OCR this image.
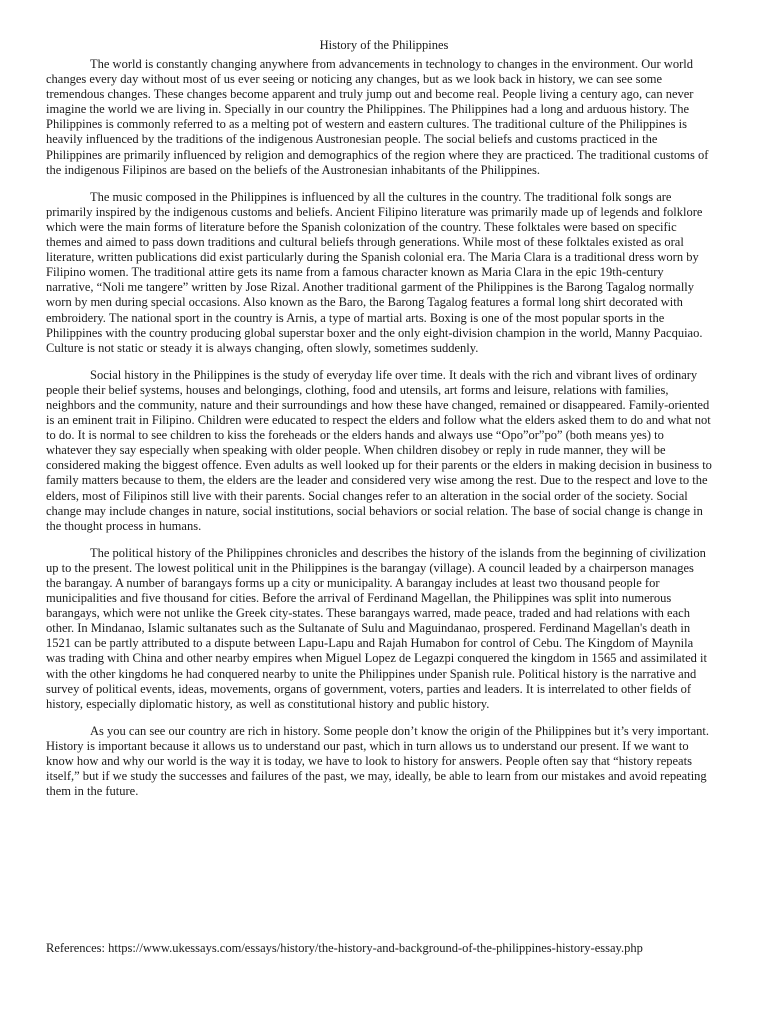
History of the Philippines

The world is constantly changing anywhere from advancements in technology to changes in the environment. Our world changes every day without most of us ever seeing or noticing any changes, but as we look back in history, we can see some tremendous changes. These changes become apparent and truly jump out and become real. People living a century ago, can never imagine the world we are living in. Specially in our country the Philippines. The Philippines had a long and arduous history. The Philippines is commonly referred to as a melting pot of western and eastern cultures. The traditional culture of the Philippines is heavily influenced by the traditions of the indigenous Austronesian people. The social beliefs and customs practiced in the Philippines are primarily influenced by religion and demographics of the region where they are practiced. The traditional customs of the indigenous Filipinos are based on the beliefs of the Austronesian inhabitants of the Philippines.

The music composed in the Philippines is influenced by all the cultures in the country. The traditional folk songs are primarily inspired by the indigenous customs and beliefs. Ancient Filipino literature was primarily made up of legends and folklore which were the main forms of literature before the Spanish colonization of the country. These folktales were based on specific themes and aimed to pass down traditions and cultural beliefs through generations. While most of these folktales existed as oral literature, written publications did exist particularly during the Spanish colonial era. The Maria Clara is a traditional dress worn by Filipino women. The traditional attire gets its name from a famous character known as Maria Clara in the epic 19th-century narrative, “Noli me tangere” written by Jose Rizal. Another traditional garment of the Philippines is the Barong Tagalog normally worn by men during special occasions. Also known as the Baro, the Barong Tagalog features a formal long shirt decorated with embroidery. The national sport in the country is Arnis, a type of martial arts. Boxing is one of the most popular sports in the Philippines with the country producing global superstar boxer and the only eight-division champion in the world, Manny Pacquiao. Culture is not static or steady it is always changing, often slowly, sometimes suddenly.

Social history in the Philippines is the study of everyday life over time. It deals with the rich and vibrant lives of ordinary people their belief systems, houses and belongings, clothing, food and utensils, art forms and leisure, relations with families, neighbors and the community, nature and their surroundings and how these have changed, remained or disappeared. Family-oriented is an eminent trait in Filipino. Children were educated to respect the elders and follow what the elders asked them to do and what not to do. It is normal to see children to kiss the foreheads or the elders hands and always use “Opo”or”po” (both means yes) to whatever they say especially when speaking with older people. When children disobey or reply in rude manner, they will be considered making the biggest offence. Even adults as well looked up for their parents or the elders in making decision in business to family matters because to them, the elders are the leader and considered very wise among the rest. Due to the respect and love to the elders, most of Filipinos still live with their parents. Social changes refer to an alteration in the social order of the society. Social change may include changes in nature, social institutions, social behaviors or social relation. The base of social change is change in the thought process in humans.

The political history of the Philippines chronicles and describes the history of the islands from the beginning of civilization up to the present. The lowest political unit in the Philippines is the barangay (village). A council leaded by a chairperson manages the barangay. A number of barangays forms up a city or municipality. A barangay includes at least two thousand people for municipalities and five thousand for cities. Before the arrival of Ferdinand Magellan, the Philippines was split into numerous barangays, which were not unlike the Greek city-states. These barangays warred, made peace, traded and had relations with each other. In Mindanao, Islamic sultanates such as the Sultanate of Sulu and Maguindanao, prospered. Ferdinand Magellan's death in 1521 can be partly attributed to a dispute between Lapu-Lapu and Rajah Humabon for control of Cebu. The Kingdom of Maynila was trading with China and other nearby empires when Miguel Lopez de Legazpi conquered the kingdom in 1565 and assimilated it with the other kingdoms he had conquered nearby to unite the Philippines under Spanish rule. Political history is the narrative and survey of political events, ideas, movements, organs of government, voters, parties and leaders. It is interrelated to other fields of history, especially diplomatic history, as well as constitutional history and public history.

As you can see our country are rich in history. Some people don’t know the origin of the Philippines but it’s very important. History is important because it allows us to understand our past, which in turn allows us to understand our present. If we want to know how and why our world is the way it is today, we have to look to history for answers. People often say that “history repeats itself,” but if we study the successes and failures of the past, we may, ideally, be able to learn from our mistakes and avoid repeating them in the future.

References: https://www.ukessays.com/essays/history/the-history-and-background-of-the-philippines-history-essay.php
